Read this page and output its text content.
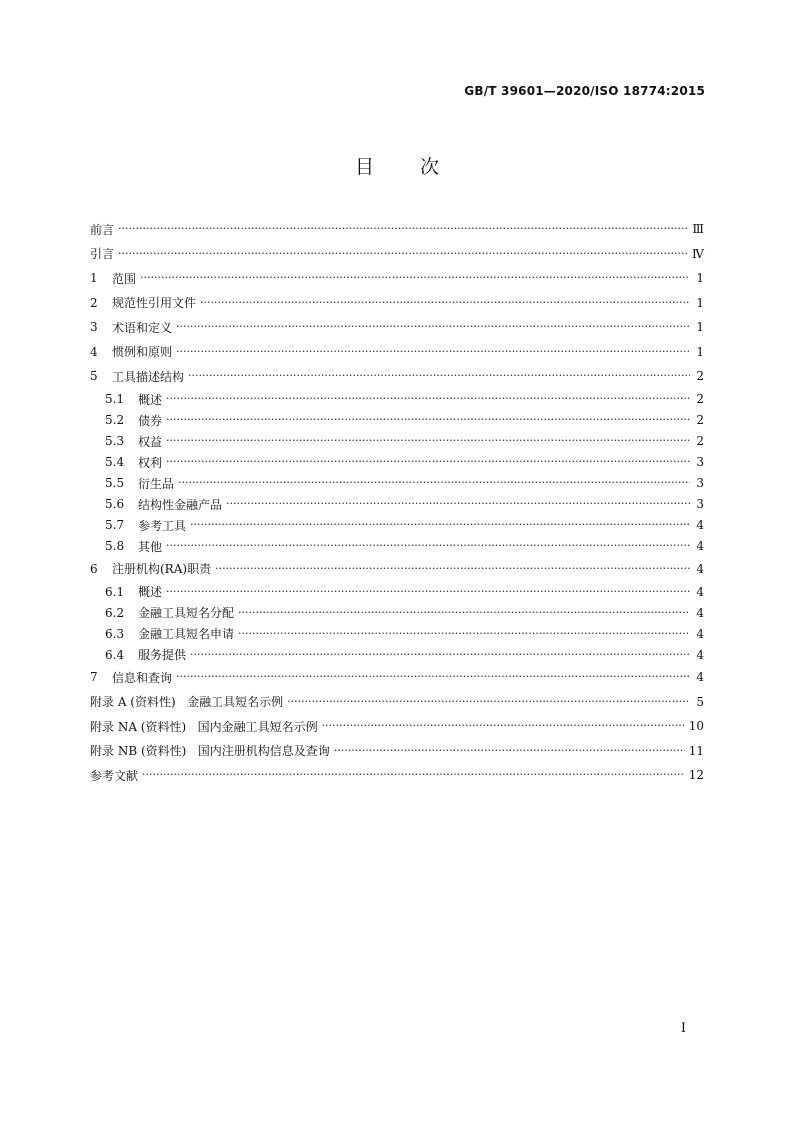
GB/T 39601—2020/ISO 18774:2015
目 次
前言 ·····	Ⅲ
引言 ·····	Ⅳ
1	范围 ·····	1
2	规范性引用文件 ·····	1
3	术语和定义 ·····	1
4	惯例和原则 ·····	1
5	工具描述结构 ·····	2
5.1	概述 ·····	2
5.2	债券 ·····	2
5.3	权益 ·····	2
5.4	权利 ·····	3
5.5	衍生品 ·····	3
5.6	结构性金融产品 ·····	3
5.7	参考工具 ·····	4
5.8	其他 ·····	4
6	注册机构(RA)职责 ·····	4
6.1	概述 ·····	4
6.2	金融工具短名分配 ·····	4
6.3	金融工具短名申请 ·····	4
6.4	服务提供 ·····	4
7	信息和查询 ·····	4
附录 A (资料性)   金融工具短名示例 ·····	5
附录 NA (资料性)   国内金融工具短名示例 ·····	10
附录 NB (资料性)   国内注册机构信息及查询 ·····	11
参考文献 ·····	12
I
